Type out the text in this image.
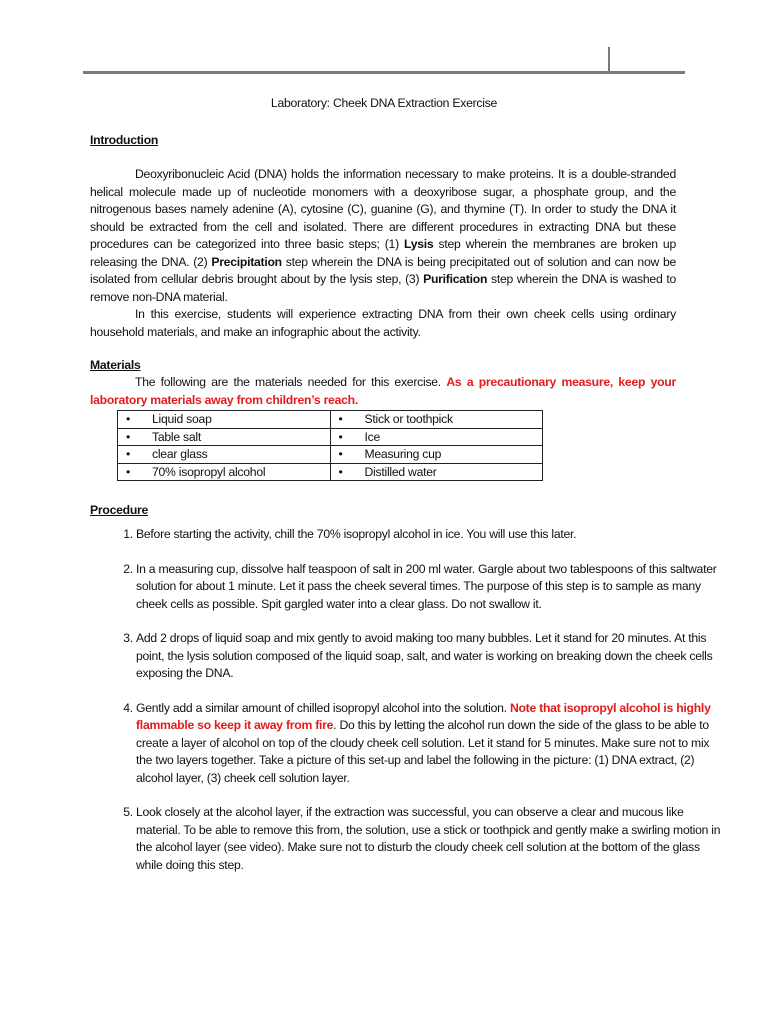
Laboratory: Cheek DNA Extraction Exercise
Introduction
Deoxyribonucleic Acid (DNA) holds the information necessary to make proteins. It is a double-stranded helical molecule made up of nucleotide monomers with a deoxyribose sugar, a phosphate group, and the nitrogenous bases namely adenine (A), cytosine (C), guanine (G), and thymine (T). In order to study the DNA it should be extracted from the cell and isolated. There are different procedures in extracting DNA but these procedures can be categorized into three basic steps; (1) Lysis step wherein the membranes are broken up releasing the DNA. (2) Precipitation step wherein the DNA is being precipitated out of solution and can now be isolated from cellular debris brought about by the lysis step, (3) Purification step wherein the DNA is washed to remove non-DNA material.
In this exercise, students will experience extracting DNA from their own cheek cells using ordinary household materials, and make an infographic about the activity.
Materials
The following are the materials needed for this exercise. As a precautionary measure, keep your laboratory materials away from children’s reach.
• Liquid soap	• Stick or toothpick
• Table salt	• Ice
• clear glass	• Measuring cup
• 70% isopropyl alcohol	• Distilled water
Procedure
1. Before starting the activity, chill the 70% isopropyl alcohol in ice. You will use this later.
2. In a measuring cup, dissolve half teaspoon of salt in 200 ml water. Gargle about two tablespoons of this saltwater solution for about 1 minute. Let it pass the cheek several times. The purpose of this step is to sample as many cheek cells as possible. Spit gargled water into a clear glass. Do not swallow it.
3. Add 2 drops of liquid soap and mix gently to avoid making too many bubbles. Let it stand for 20 minutes. At this point, the lysis solution composed of the liquid soap, salt, and water is working on breaking down the cheek cells exposing the DNA.
4. Gently add a similar amount of chilled isopropyl alcohol into the solution. Note that isopropyl alcohol is highly flammable so keep it away from fire. Do this by letting the alcohol run down the side of the glass to be able to create a layer of alcohol on top of the cloudy cheek cell solution. Let it stand for 5 minutes. Make sure not to mix the two layers together. Take a picture of this set-up and label the following in the picture: (1) DNA extract, (2) alcohol layer, (3) cheek cell solution layer.
5. Look closely at the alcohol layer, if the extraction was successful, you can observe a clear and mucous like material. To be able to remove this from, the solution, use a stick or toothpick and gently make a swirling motion in the alcohol layer (see video). Make sure not to disturb the cloudy cheek cell solution at the bottom of the glass while doing this step.
